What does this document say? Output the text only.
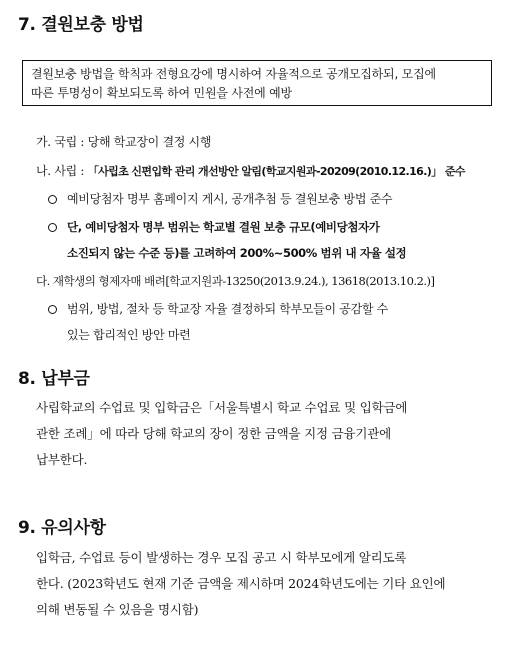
7. 결원보충 방법
결원보충 방법을 학칙과 전형요강에 명시하여 자율적으로 공개모집하되, 모집에
따른 투명성이 확보되도록 하여 민원을 사전에 예방
가. 국립 : 당해 학교장이 결정 시행
나. 사립 : 「사립초 신편입학 관리 개선방안 알림(학교지원과-20209(2010.12.16.)」 준수
예비당첨자 명부 홈페이지 게시, 공개추첨 등 결원보충 방법 준수
단, 예비당첨자 명부 범위는 학교별 결원 보충 규모(예비당첨자가
소진되지 않는 수준 등)를 고려하여 200%~500% 범위 내 자율 설정
다. 재학생의 형제자매 배려[학교지원과-13250(2013.9.24.), 13618(2013.10.2.)]
범위, 방법, 절차 등 학교장 자율 결정하되 학부모들이 공감할 수
있는 합리적인 방안 마련
8. 납부금
사립학교의 수업료 및 입학금은「서울특별시 학교 수업료 및 입학금에
관한 조례」에 따라 당해 학교의 장이 정한 금액을 지정 금융기관에
납부한다.
9. 유의사항
입학금, 수업료 등이 발생하는 경우 모집 공고 시 학부모에게 알리도록
한다. (2023학년도 현재 기준 금액을 제시하며 2024학년도에는 기타 요인에
의해 변동될 수 있음을 명시함)
